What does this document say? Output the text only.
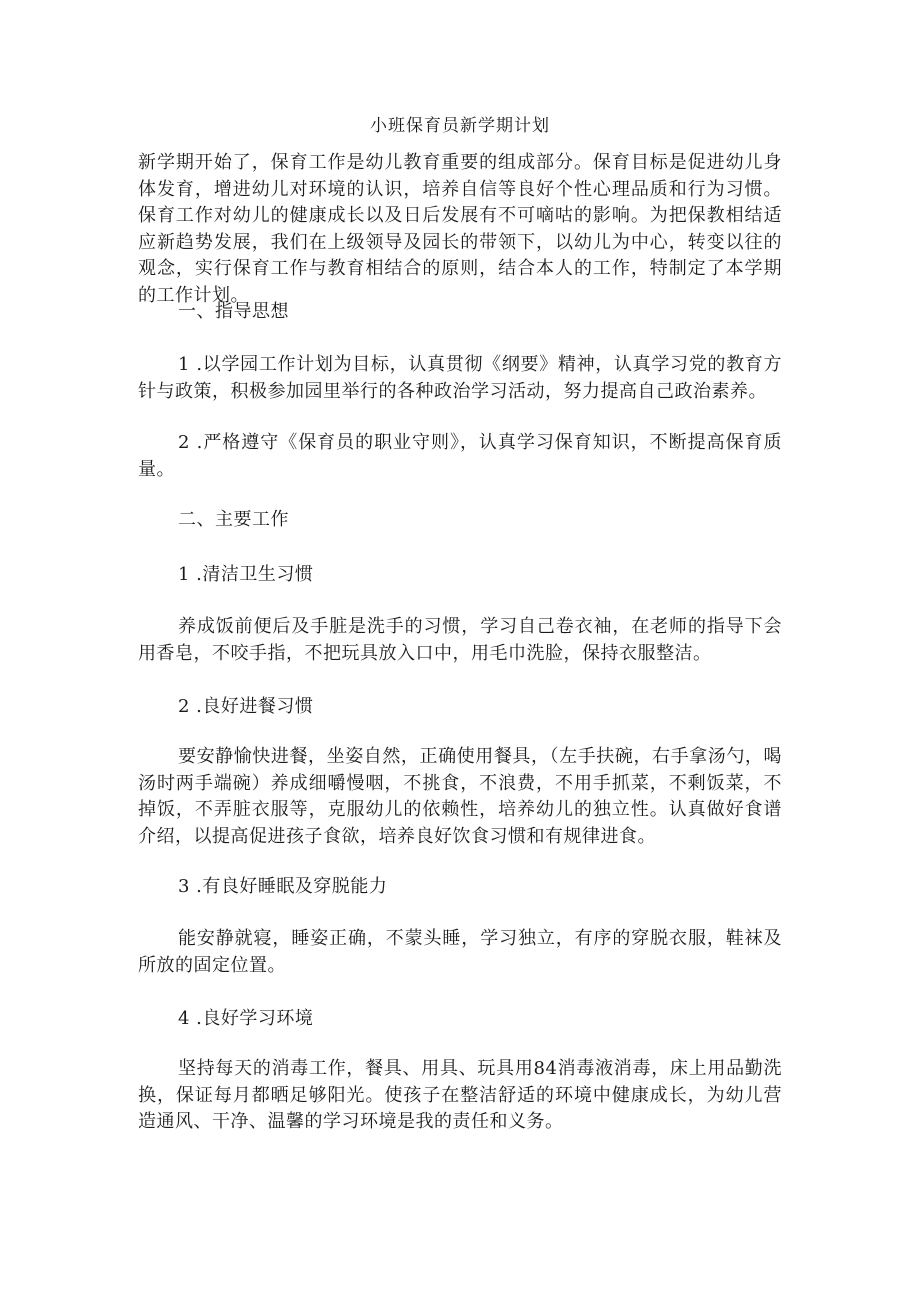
小班保育员新学期计划

新学期开始了，保育工作是幼儿教育重要的组成部分。保育目标是促进幼儿身体发育，增进幼儿对环境的认识，培养自信等良好个性心理品质和行为习惯。保育工作对幼儿的健康成长以及日后发展有不可嘀咕的影响。为把保教相结适应新趋势发展，我们在上级领导及园长的带领下，以幼儿为中心，转变以往的观念，实行保育工作与教育相结合的原则，结合本人的工作，特制定了本学期的工作计划。

一、指导思想

1 .以学园工作计划为目标，认真贯彻《纲要》精神，认真学习党的教育方针与政策，积极参加园里举行的各种政治学习活动，努力提高自己政治素养。

2 .严格遵守《保育员的职业守则》，认真学习保育知识，不断提高保育质量。

二、主要工作
1 .清洁卫生习惯

养成饭前便后及手脏是洗手的习惯，学习自己卷衣袖，在老师的指导下会用香皂，不咬手指，不把玩具放入口中，用毛巾洗脸，保持衣服整洁。

2 .良好进餐习惯

要安静愉快进餐，坐姿自然，正确使用餐具，（左手扶碗，右手拿汤勺，喝汤时两手端碗）养成细嚼慢咽，不挑食，不浪费，不用手抓菜，不剩饭菜，不掉饭，不弄脏衣服等，克服幼儿的依赖性，培养幼儿的独立性。认真做好食谱介绍，以提高促进孩子食欲，培养良好饮食习惯和有规律进食。

3 .有良好睡眠及穿脱能力

能安静就寝，睡姿正确，不蒙头睡，学习独立，有序的穿脱衣服，鞋袜及所放的固定位置。

4 .良好学习环境

坚持每天的消毒工作，餐具、用具、玩具用84消毒液消毒，床上用品勤洗换，保证每月都晒足够阳光。使孩子在整洁舒适的环境中健康成长，为幼儿营造通风、干净、温馨的学习环境是我的责任和义务。
